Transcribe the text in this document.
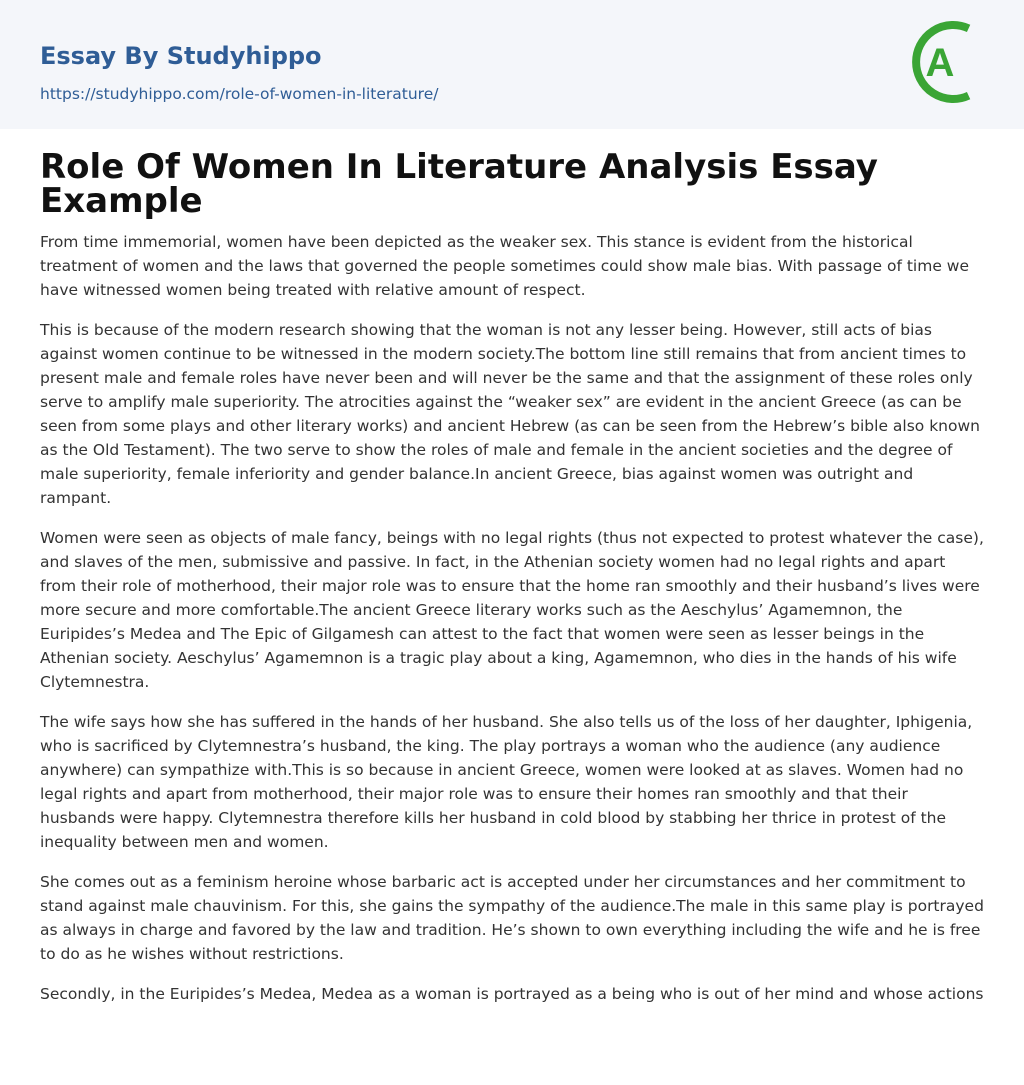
Essay By Studyhippo
https://studyhippo.com/role-of-women-in-literature/
A
Role Of Women In Literature Analysis Essay Example

From time immemorial, women have been depicted as the weaker sex. This stance is evident from the historical treatment of women and the laws that governed the people sometimes could show male bias. With passage of time we have witnessed women being treated with relative amount of respect.

This is because of the modern research showing that the woman is not any lesser being. However, still acts of bias against women continue to be witnessed in the modern society.The bottom line still remains that from ancient times to present male and female roles have never been and will never be the same and that the assignment of these roles only serve to amplify male superiority. The atrocities against the “weaker sex” are evident in the ancient Greece (as can be seen from some plays and other literary works) and ancient Hebrew (as can be seen from the Hebrew’s bible also known as the Old Testament). The two serve to show the roles of male and female in the ancient societies and the degree of male superiority, female inferiority and gender balance.In ancient Greece, bias against women was outright and rampant.

Women were seen as objects of male fancy, beings with no legal rights (thus not expected to protest whatever the case), and slaves of the men, submissive and passive. In fact, in the Athenian society women had no legal rights and apart from their role of motherhood, their major role was to ensure that the home ran smoothly and their husband’s lives were more secure and more comfortable.The ancient Greece literary works such as the Aeschylus’ Agamemnon, the Euripides’s Medea and The Epic of Gilgamesh can attest to the fact that women were seen as lesser beings in the Athenian society. Aeschylus’ Agamemnon is a tragic play about a king, Agamemnon, who dies in the hands of his wife Clytemnestra.

The wife says how she has suffered in the hands of her husband. She also tells us of the loss of her daughter, Iphigenia, who is sacrificed by Clytemnestra’s husband, the king. The play portrays a woman who the audience (any audience anywhere) can sympathize with.This is so because in ancient Greece, women were looked at as slaves. Women had no legal rights and apart from motherhood, their major role was to ensure their homes ran smoothly and that their husbands were happy. Clytemnestra therefore kills her husband in cold blood by stabbing her thrice in protest of the inequality between men and women.

She comes out as a feminism heroine whose barbaric act is accepted under her circumstances and her commitment to stand against male chauvinism. For this, she gains the sympathy of the audience.The male in this same play is portrayed as always in charge and favored by the law and tradition. He’s shown to own everything including the wife and he is free to do as he wishes without restrictions.

Secondly, in the Euripides’s Medea, Medea as a woman is portrayed as a being who is out of her mind and whose actions
